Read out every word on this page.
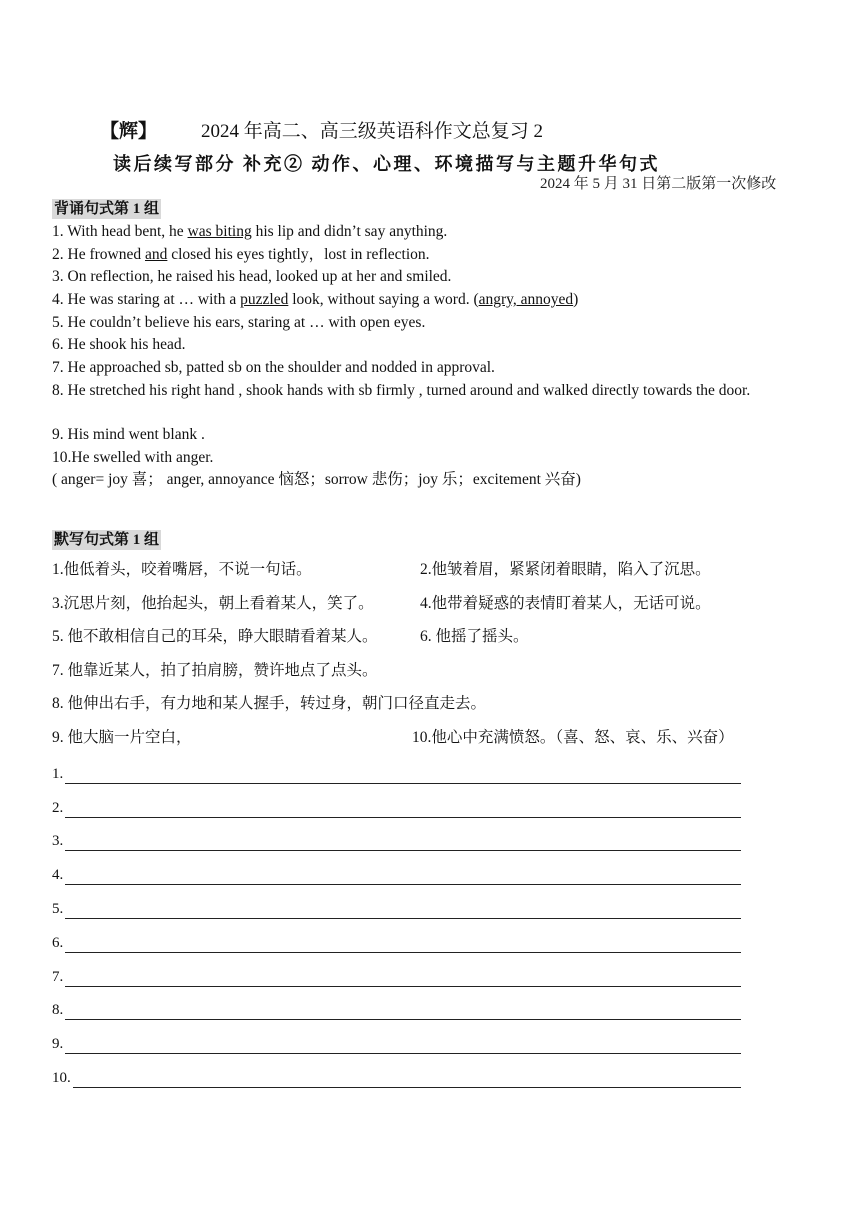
【辉】 2024 年高二、高三级英语科作文总复习 2
2024 年 5 月 31 日第二版第一次修改
读后续写部分 补充② 动作、心理、环境描写与主题升华句式
背诵句式第 1 组
1. With head bent, he was biting his lip and didn’t say anything.
2. He frowned and closed his eyes tightly，lost in reflection.
3. On reflection, he raised his head, looked up at her and smiled.
4. He was staring at … with a puzzled look, without saying a word. (angry, annoyed)
5. He couldn’t believe his ears, staring at … with open eyes.
6. He shook his head.
7. He approached sb, patted sb on the shoulder and nodded in approval.
8. He stretched his right hand , shook hands with sb firmly , turned around and walked directly towards the door.
9. His mind went blank .
10.He swelled with anger.
( anger= joy 喜； anger, annoyance 恼怒；sorrow 悲伤；joy 乐；excitement 兴奋)
默写句式第 1 组
1.他低着头，咬着嘴唇，不说一句话。	2.他皱着眉，紧紧闭着眼睛，陷入了沉思。
3.沉思片刻，他抬起头，朝上看着某人，笑了。	4.他带着疑惑的表情盯着某人，无话可说。
5. 他不敢相信自己的耳朵，睁大眼睛看着某人。	6. 他摇了摇头。
7. 他靠近某人，拍了拍肩膀，赞许地点了点头。
8. 他伸出右手，有力地和某人握手，转过身，朝门口径直走去。
9. 他大脑一片空白，	10.他心中充满愤怒。（喜、怒、哀、乐、兴奋）
1.
2.
3.
4.
5.
6.
7.
8.
9.
10.
